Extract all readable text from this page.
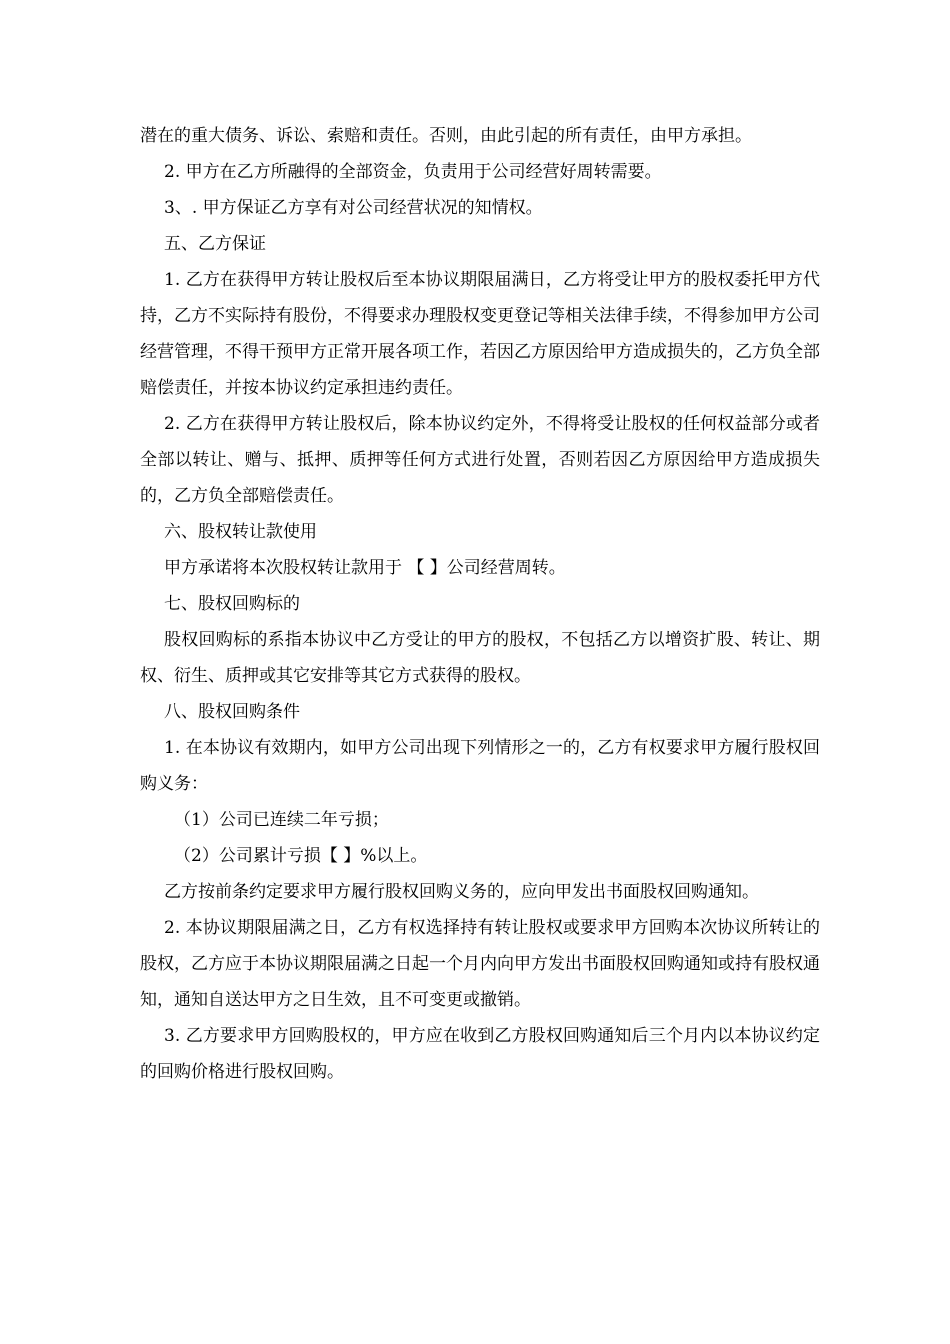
潜在的重大债务、诉讼、索赔和责任。否则，由此引起的所有责任，由甲方承担。

2. 甲方在乙方所融得的全部资金，负责用于公司经营好周转需要。

3、. 甲方保证乙方享有对公司经营状况的知情权。

五、乙方保证

1. 乙方在获得甲方转让股权后至本协议期限届满日，乙方将受让甲方的股权委托甲方代持，乙方不实际持有股份，不得要求办理股权变更登记等相关法律手续，不得参加甲方公司经营管理，不得干预甲方正常开展各项工作，若因乙方原因给甲方造成损失的，乙方负全部赔偿责任，并按本协议约定承担违约责任。

2. 乙方在获得甲方转让股权后，除本协议约定外，不得将受让股权的任何权益部分或者全部以转让、赠与、抵押、质押等任何方式进行处置，否则若因乙方原因给甲方造成损失的，乙方负全部赔偿责任。

六、股权转让款使用

甲方承诺将本次股权转让款用于 【 】公司经营周转。

七、股权回购标的

股权回购标的系指本协议中乙方受让的甲方的股权，不包括乙方以增资扩股、转让、期权、衍生、质押或其它安排等其它方式获得的股权。

八、股权回购条件

1. 在本协议有效期内，如甲方公司出现下列情形之一的，乙方有权要求甲方履行股权回购义务：

（1）公司已连续二年亏损；

（2）公司累计亏损【 】%以上。

乙方按前条约定要求甲方履行股权回购义务的，应向甲发出书面股权回购通知。

2. 本协议期限届满之日，乙方有权选择持有转让股权或要求甲方回购本次协议所转让的股权，乙方应于本协议期限届满之日起一个月内向甲方发出书面股权回购通知或持有股权通知，通知自送达甲方之日生效，且不可变更或撤销。

3. 乙方要求甲方回购股权的，甲方应在收到乙方股权回购通知后三个月内以本协议约定的回购价格进行股权回购。
